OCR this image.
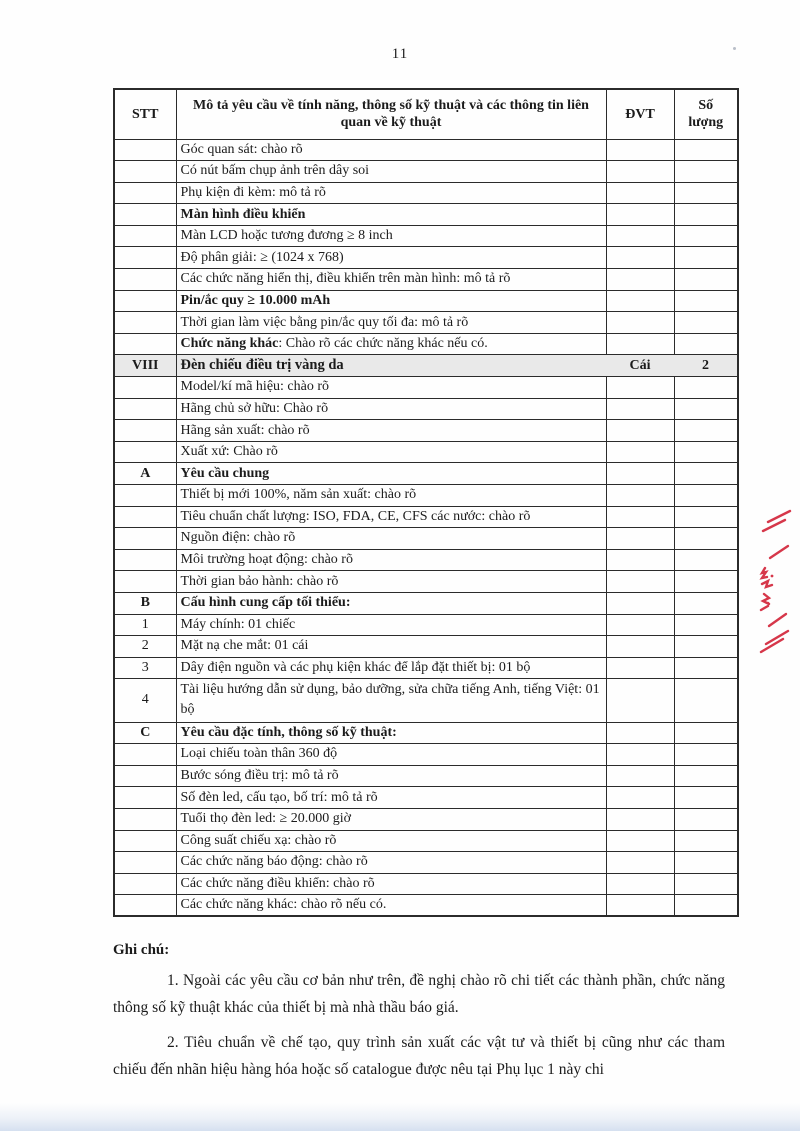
11
STT	Mô tả yêu cầu về tính năng, thông số kỹ thuật và các thông tin liên quan về kỹ thuật	ĐVT	Số lượng
	Góc quan sát: chào rõ		
	Có nút bấm chụp ảnh trên dây soi		
	Phụ kiện đi kèm: mô tả rõ		
	Màn hình điều khiển		
	Màn LCD hoặc tương đương ≥ 8 inch		
	Độ phân giải: ≥ (1024 x 768)		
	Các chức năng hiển thị, điều khiển trên màn hình: mô tả rõ		
	Pin/ắc quy ≥ 10.000 mAh		
	Thời gian làm việc bằng pin/ắc quy tối đa: mô tả rõ		
	Chức năng khác: Chào rõ các chức năng khác nếu có.		
VIII	Đèn chiếu điều trị vàng da	Cái	2
	Model/kí mã hiệu: chào rõ		
	Hãng chủ sở hữu: Chào rõ		
	Hãng sản xuất: chào rõ		
	Xuất xứ: Chào rõ		
A	Yêu cầu chung		
	Thiết bị mới 100%, năm sản xuất: chào rõ		
	Tiêu chuẩn chất lượng: ISO, FDA, CE, CFS các nước: chào rõ		
	Nguồn điện: chào rõ		
	Môi trường hoạt động: chào rõ		
	Thời gian bảo hành: chào rõ		
B	Cấu hình cung cấp tối thiểu:		
1	Máy chính: 01 chiếc		
2	Mặt nạ che mắt: 01 cái		
3	Dây điện nguồn và các phụ kiện khác để lắp đặt thiết bị: 01 bộ		
4	Tài liệu hướng dẫn sử dụng, bảo dưỡng, sửa chữa tiếng Anh, tiếng Việt: 01 bộ		
C	Yêu cầu đặc tính, thông số kỹ thuật:		
	Loại chiếu toàn thân 360 độ		
	Bước sóng điều trị: mô tả rõ		
	Số đèn led, cấu tạo, bố trí: mô tả rõ		
	Tuổi thọ đèn led: ≥ 20.000 giờ		
	Công suất chiếu xạ: chào rõ		
	Các chức năng báo động: chào rõ		
	Các chức năng điều khiển: chào rõ		
	Các chức năng khác: chào rõ nếu có.		
Ghi chú:

1. Ngoài các yêu cầu cơ bản như trên, đề nghị chào rõ chi tiết các thành phần, chức năng thông số kỹ thuật khác của thiết bị mà nhà thầu báo giá.

2. Tiêu chuẩn về chế tạo, quy trình sản xuất các vật tư và thiết bị cũng như các tham chiếu đến nhãn hiệu hàng hóa hoặc số catalogue được nêu tại Phụ lục 1 này chi
